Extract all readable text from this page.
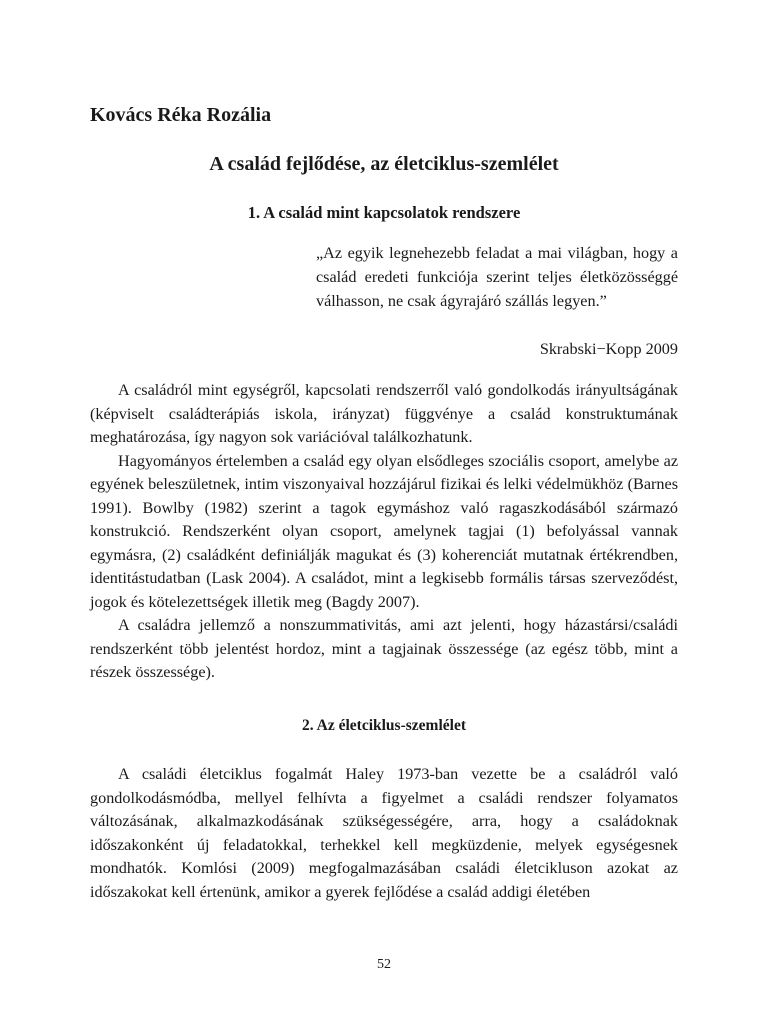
Kovács Réka Rozália
A család fejlődése, az életciklus-szemlélet
1. A család mint kapcsolatok rendszere

„Az egyik legnehezebb feladat a mai világban, hogy a család eredeti funkciója szerint teljes életközösséggé válhasson, ne csak ágyrajáró szállás legyen.”

Skrabski−Kopp 2009

A családról mint egységről, kapcsolati rendszerről való gondolkodás irányultságának (képviselt családterápiás iskola, irányzat) függvénye a család konstruktumának meghatározása, így nagyon sok variációval találkozhatunk.

Hagyományos értelemben a család egy olyan elsődleges szociális csoport, amelybe az egyének beleszületnek, intim viszonyaival hozzájárul fizikai és lelki védelmükhöz (Barnes 1991). Bowlby (1982) szerint a tagok egymáshoz való ragaszkodásából származó konstrukció. Rendszerként olyan csoport, amelynek tagjai (1) befolyással vannak egymásra, (2) családként definiálják magukat és (3) koherenciát mutatnak értékrendben, identitástudatban (Lask 2004). A családot, mint a legkisebb formális társas szerveződést, jogok és kötelezettségek illetik meg (Bagdy 2007).

A családra jellemző a nonszummativitás, ami azt jelenti, hogy házastársi/családi rendszerként több jelentést hordoz, mint a tagjainak összessége (az egész több, mint a részek összessége).

2. Az életciklus-szemlélet

A családi életciklus fogalmát Haley 1973-ban vezette be a családról való gondolkodásmódba, mellyel felhívta a figyelmet a családi rendszer folyamatos változásának, alkalmazkodásának szükségességére, arra, hogy a családoknak időszakonként új feladatokkal, terhekkel kell megküzdenie, melyek egységesnek mondhatók. Komlósi (2009) megfogalmazásában családi életcikluson azokat az időszakokat kell értenünk, amikor a gyerek fejlődése a család addigi életében

52
